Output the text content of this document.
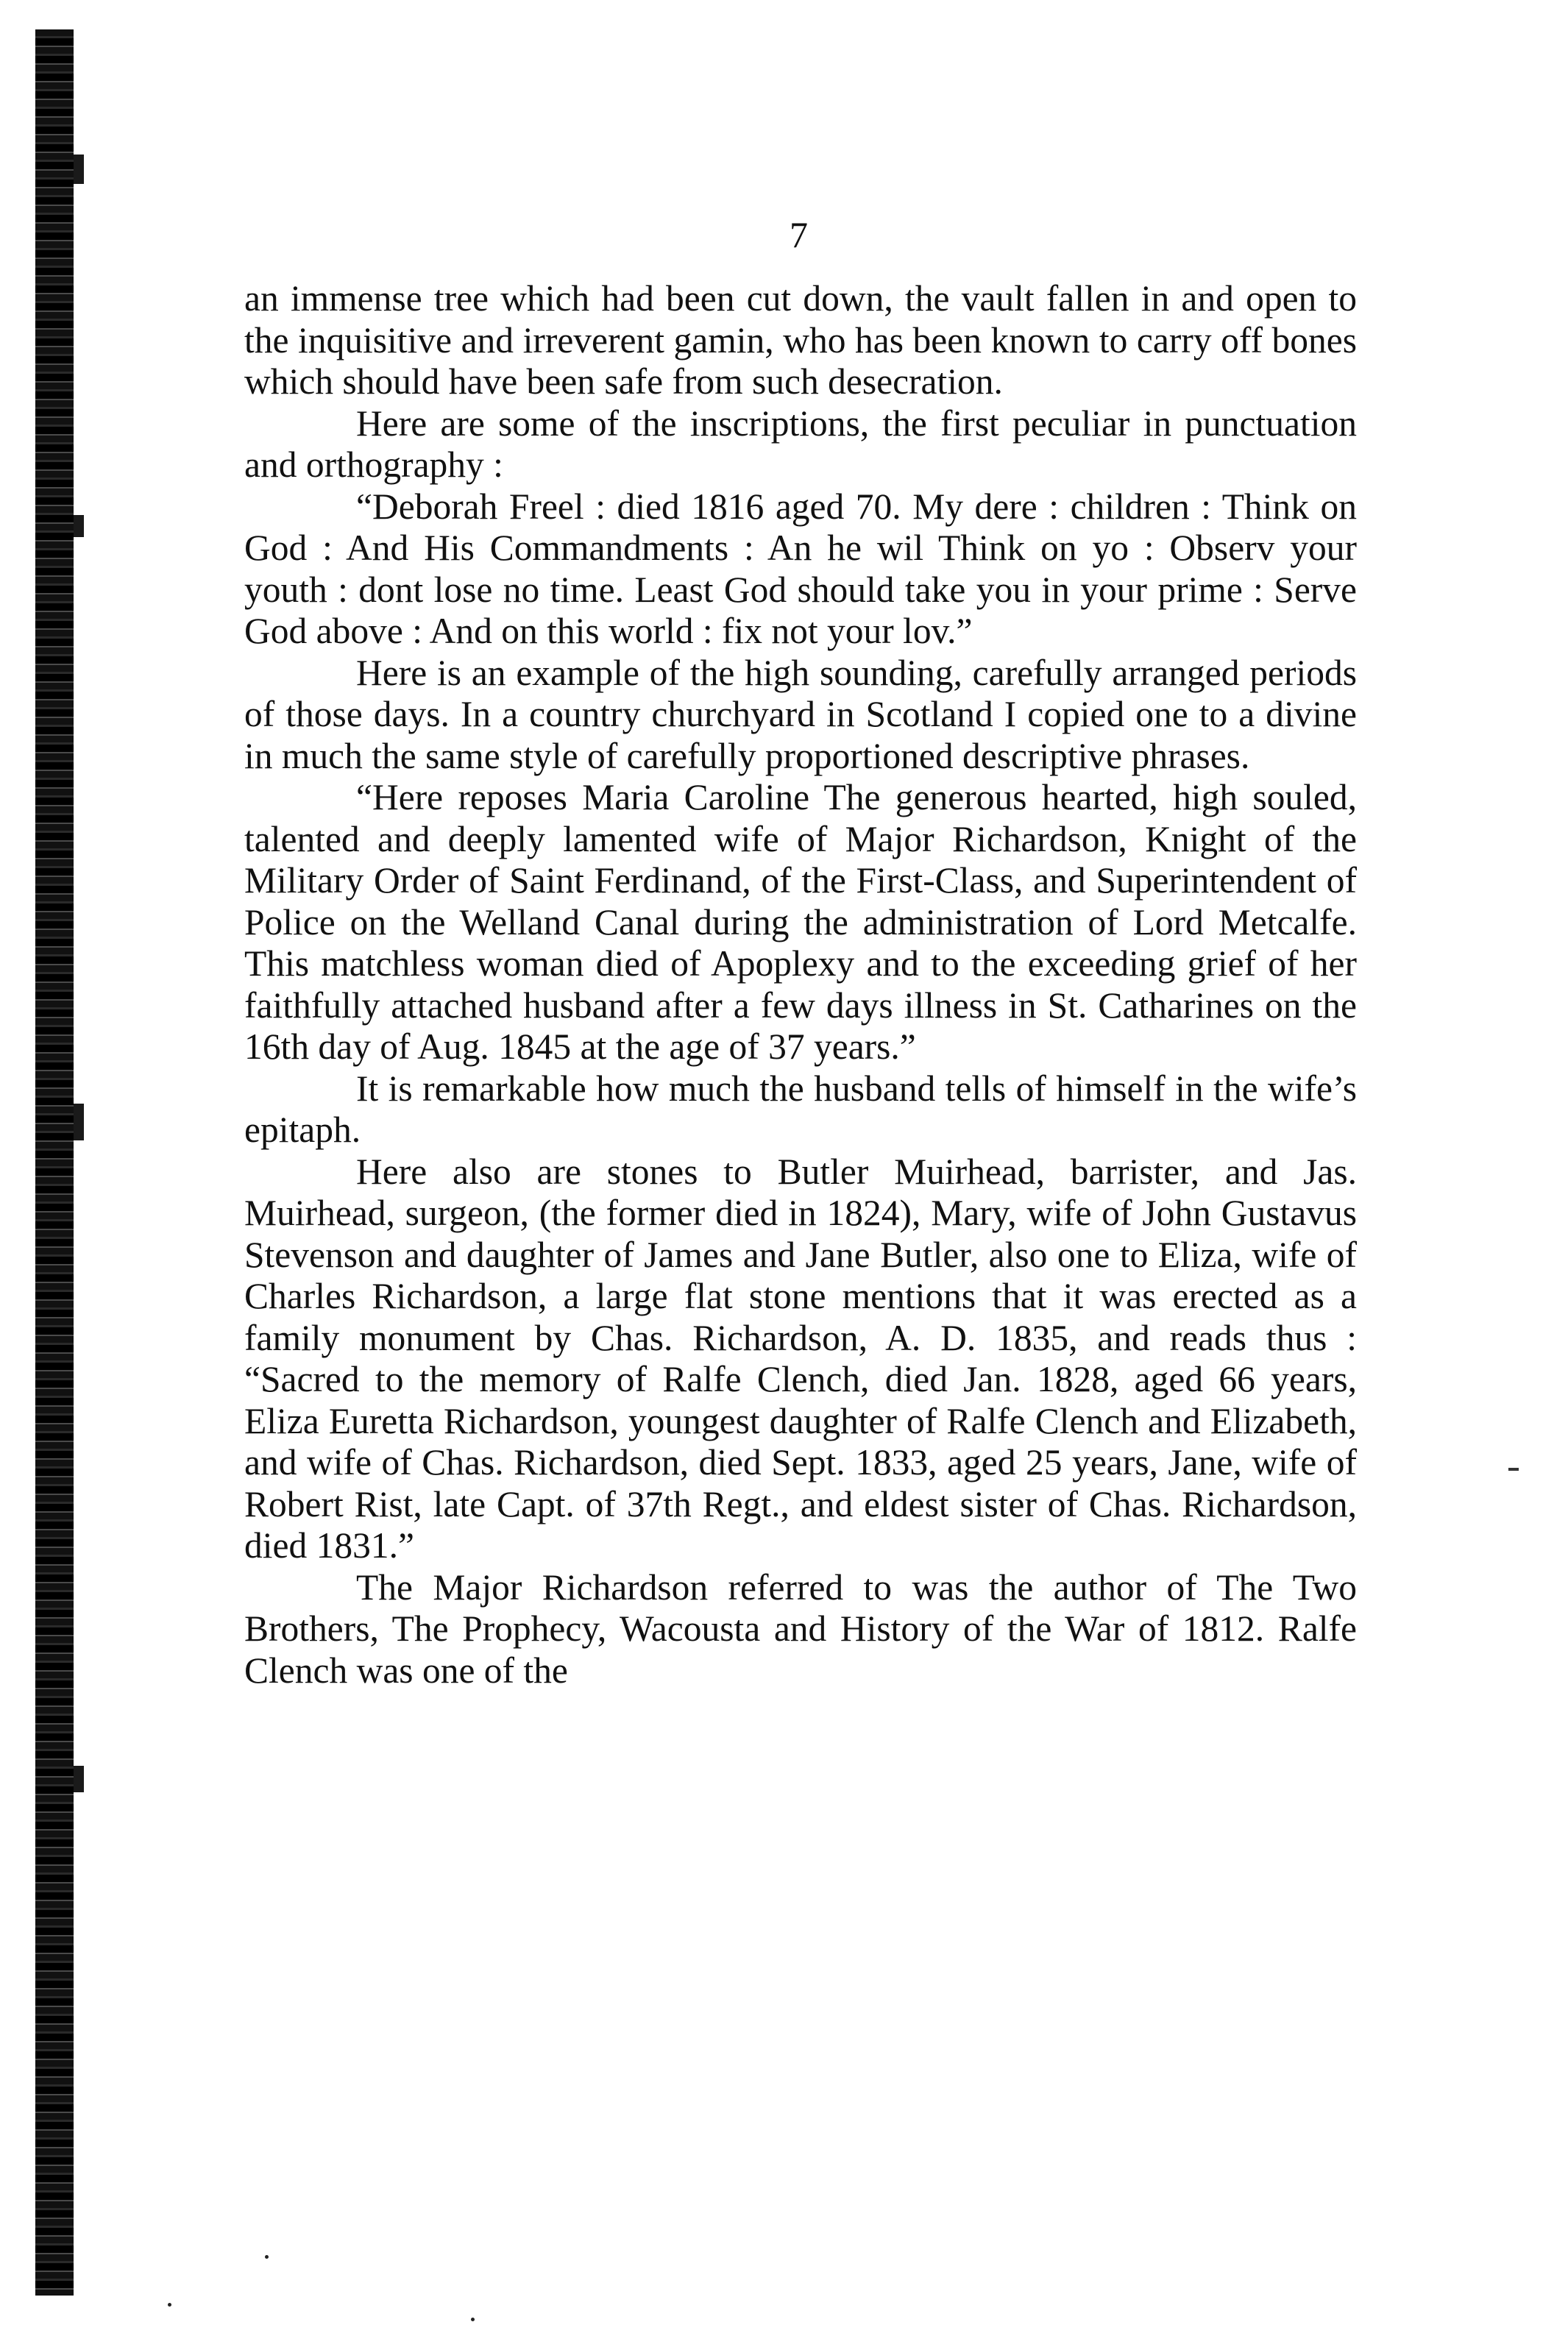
7

an immense tree which had been cut down, the vault fallen in and open to the inquisitive and irreverent gamin, who has been known to carry off bones which should have been safe from such desecration.

Here are some of the inscriptions, the first peculiar in punctuation and orthography :

“Deborah Freel : died 1816 aged 70. My dere : children : Think on God : And His Commandments : An he wil Think on yo : Observ your youth : dont lose no time. Least God should take you in your prime : Serve God above : And on this world : fix not your lov.”

Here is an example of the high sounding, carefully arranged periods of those days. In a country churchyard in Scotland I copied one to a divine in much the same style of carefully proportioned descriptive phrases.

“Here reposes Maria Caroline The generous hearted, high souled, talented and deeply lamented wife of Major Richardson, Knight of the Military Order of Saint Ferdinand, of the First-Class, and Superintendent of Police on the Welland Canal during the administration of Lord Metcalfe. This matchless woman died of Apoplexy and to the exceeding grief of her faithfully attached husband after a few days illness in St. Catharines on the 16th day of Aug. 1845 at the age of 37 years.”

It is remarkable how much the husband tells of himself in the wife’s epitaph.

Here also are stones to Butler Muirhead, barrister, and Jas. Muirhead, surgeon, (the former died in 1824), Mary, wife of John Gustavus Stevenson and daughter of James and Jane Butler, also one to Eliza, wife of Charles Richardson, a large flat stone mentions that it was erected as a family monument by Chas. Richardson, A. D. 1835, and reads thus : “Sacred to the memory of Ralfe Clench, died Jan. 1828, aged 66 years, Eliza Euretta Richardson, youngest daughter of Ralfe Clench and Elizabeth, and wife of Chas. Richardson, died Sept. 1833, aged 25 years, Jane, wife of Robert Rist, late Capt. of 37th Regt., and eldest sister of Chas. Richardson, died 1831.”

The Major Richardson referred to was the author of The Two Brothers, The Prophecy, Wacousta and History of the War of 1812. Ralfe Clench was one of the
